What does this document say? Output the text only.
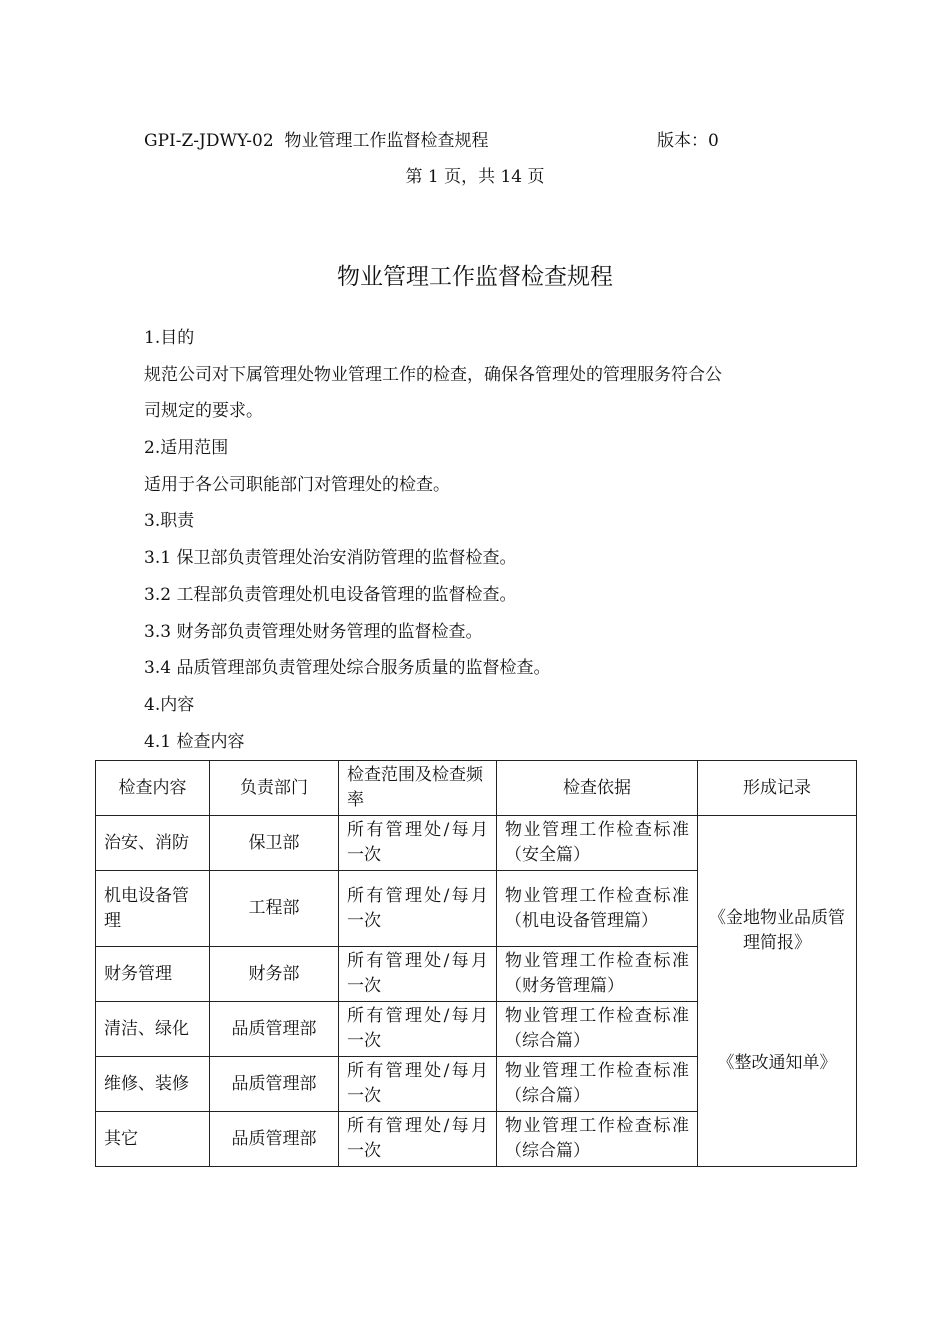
GPI-Z-JDWY-02 物业管理工作监督检查规程	版本：0
第 1 页，共 14 页
物业管理工作监督检查规程

1.目的

规范公司对下属管理处物业管理工作的检查，确保各管理处的管理服务符合公

司规定的要求。

2.适用范围

适用于各公司职能部门对管理处的检查。

3.职责

3.1 保卫部负责管理处治安消防管理的监督检查。

3.2 工程部负责管理处机电设备管理的监督检查。

3.3 财务部负责管理处财务管理的监督检查。

3.4 品质管理部负责管理处综合服务质量的监督检查。

4.内容

4.1 检查内容

检查内容	负责部门	检查范围及检查频率	检查依据	形成记录
治安、消防	保卫部	所有管理处/每月一次	物业管理工作检查标准（安全篇）	《金地物业品质管理简报》
《整改通知单》

机电设备管理	工程部	所有管理处/每月一次	物业管理工作检查标准（机电设备管理篇）	
财务管理	财务部	所有管理处/每月一次	物业管理工作检查标准（财务管理篇）	
清洁、绿化	品质管理部	所有管理处/每月一次	物业管理工作检查标准（综合篇）	
维修、装修	品质管理部	所有管理处/每月一次	物业管理工作检查标准（综合篇）	
其它	品质管理部	所有管理处/每月一次	物业管理工作检查标准（综合篇）	
